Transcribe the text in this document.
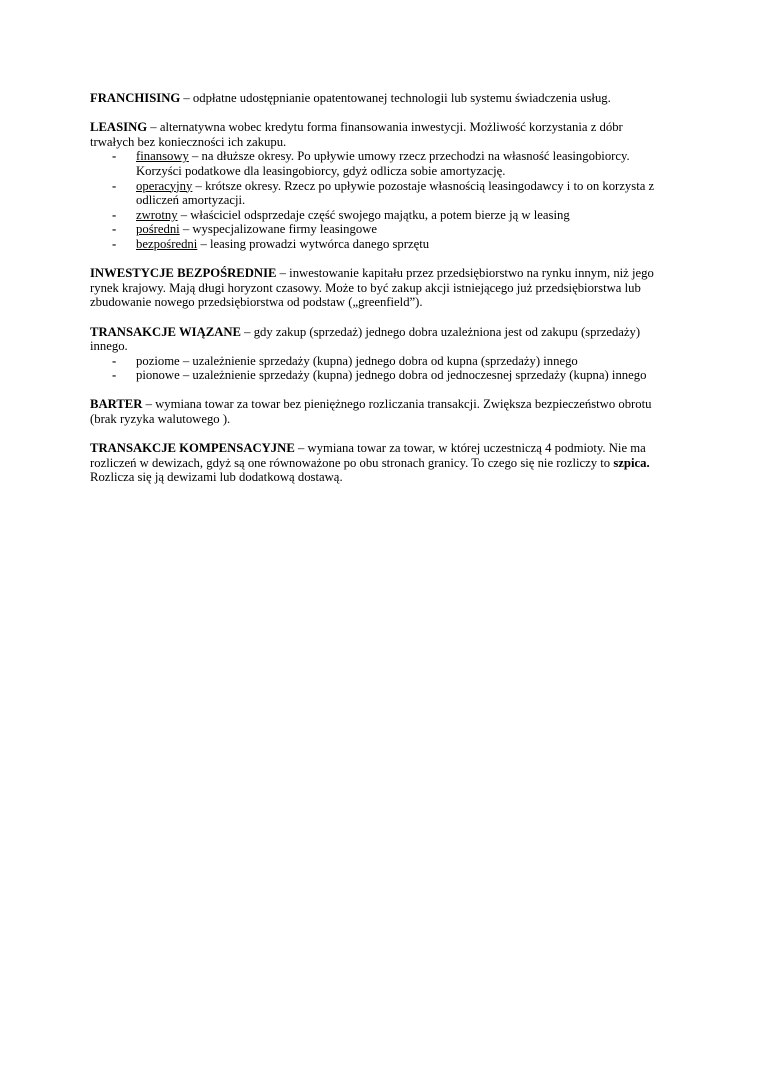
FRANCHISING – odpłatne udostępnianie opatentowanej technologii lub systemu świadczenia usług.

LEASING – alternatywna wobec kredytu forma finansowania inwestycji. Możliwość korzystania z dóbr trwałych bez konieczności ich zakupu.

- finansowy – na dłuższe okresy. Po upływie umowy rzecz przechodzi na własność leasingobiorcy. Korzyści podatkowe dla leasingobiorcy, gdyż odlicza sobie amortyzację.
- operacyjny – krótsze okresy. Rzecz po upływie pozostaje własnością leasingodawcy i to on korzysta z odliczeń amortyzacji.
- zwrotny – właściciel odsprzedaje część swojego majątku, a potem bierze ją w leasing
- pośredni – wyspecjalizowane firmy leasingowe
- bezpośredni – leasing prowadzi wytwórca danego sprzętu

INWESTYCJE BEZPOŚREDNIE – inwestowanie kapitału przez przedsiębiorstwo na rynku innym, niż jego rynek krajowy. Mają długi horyzont czasowy. Może to być zakup akcji istniejącego już przedsiębiorstwa lub zbudowanie nowego przedsiębiorstwa od podstaw („greenfield”).

TRANSAKCJE WIĄZANE – gdy zakup (sprzedaż) jednego dobra uzależniona jest od zakupu (sprzedaży) innego.

- poziome – uzależnienie sprzedaży (kupna) jednego dobra od kupna (sprzedaży) innego
- pionowe – uzależnienie sprzedaży (kupna) jednego dobra od jednoczesnej sprzedaży (kupna) innego

BARTER – wymiana towar za towar bez pieniężnego rozliczania transakcji. Zwiększa bezpieczeństwo obrotu (brak ryzyka walutowego ).

TRANSAKCJE KOMPENSACYJNE – wymiana towar za towar, w której uczestniczą 4 podmioty. Nie ma rozliczeń w dewizach, gdyż są one równoważone po obu stronach granicy. To czego się nie rozliczy to szpica. Rozlicza się ją dewizami lub dodatkową dostawą.
